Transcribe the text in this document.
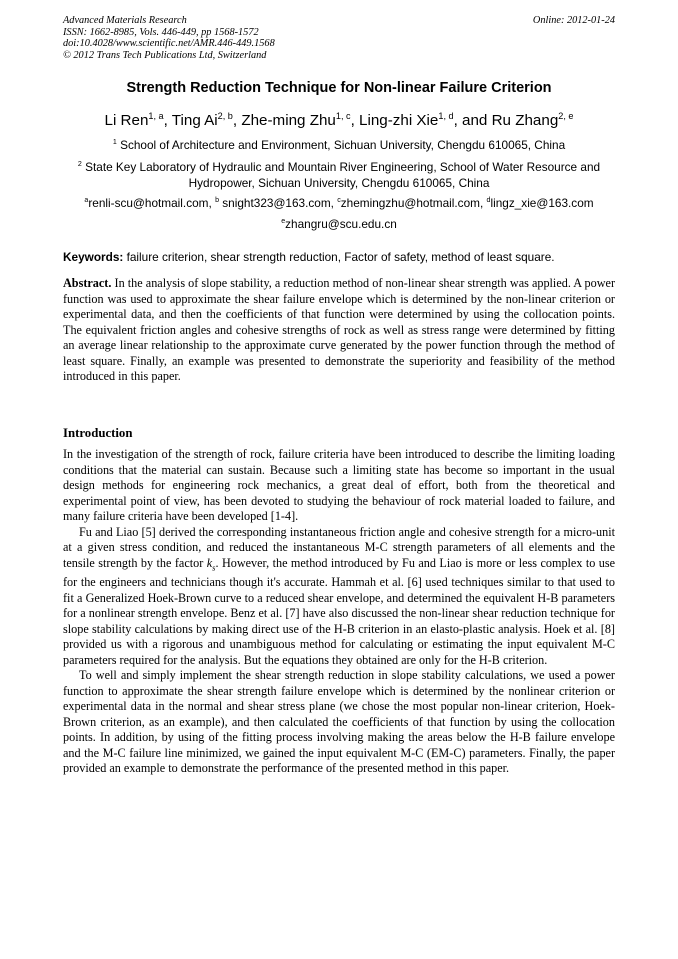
Advanced Materials Research	Online: 2012-01-24
ISSN: 1662-8985, Vols. 446-449, pp 1568-1572
doi:10.4028/www.scientific.net/AMR.446-449.1568
© 2012 Trans Tech Publications Ltd, Switzerland
Strength Reduction Technique for Non-linear Failure Criterion
Li Ren$^{1, a}$, Ting Ai$^{2, b}$, Zhe-ming Zhu$^{1, c}$, Ling-zhi Xie$^{1, d}$, and Ru Zhang$^{2, e}$
$^1$ School of Architecture and Environment, Sichuan University, Chengdu 610065, China
$^2$ State Key Laboratory of Hydraulic and Mountain River Engineering, School of Water Resource and Hydropower, Sichuan University, Chengdu 610065, China
$^a$renli-scu@hotmail.com, $^b$ snight323@163.com, $^c$zhemingzhu@hotmail.com, $^d$lingz_xie@163.com
$^e$zhangru@scu.edu.cn
Keywords: failure criterion, shear strength reduction, Factor of safety, method of least square.
Abstract. In the analysis of slope stability, a reduction method of non-linear shear strength was applied. A power function was used to approximate the shear failure envelope which is determined by the non-linear criterion or experimental data, and then the coefficients of that function were determined by using the collocation points. The equivalent friction angles and cohesive strengths of rock as well as stress range were determined by fitting an average linear relationship to the approximate curve generated by the power function through the method of least square. Finally, an example was presented to demonstrate the superiority and feasibility of the method introduced in this paper.
Introduction

In the investigation of the strength of rock, failure criteria have been introduced to describe the limiting loading conditions that the material can sustain. Because such a limiting state has become so important in the usual design methods for engineering rock mechanics, a great deal of effort, both from the theoretical and experimental point of view, has been devoted to studying the behaviour of rock material loaded to failure, and many failure criteria have been developed [1-4].

Fu and Liao [5] derived the corresponding instantaneous friction angle and cohesive strength for a micro-unit at a given stress condition, and reduced the instantaneous M-C strength parameters of all elements and the tensile strength by the factor $k_s$. However, the method introduced by Fu and Liao is more or less complex to use for the engineers and technicians though it's accurate. Hammah et al. [6] used techniques similar to that used to fit a Generalized Hoek-Brown curve to a reduced shear envelope, and determined the equivalent H-B parameters for a nonlinear strength envelope. Benz et al. [7] have also discussed the non-linear shear reduction technique for slope stability calculations by making direct use of the H-B criterion in an elasto-plastic analysis. Hoek et al. [8] provided us with a rigorous and unambiguous method for calculating or estimating the input equivalent M-C parameters required for the analysis. But the equations they obtained are only for the H-B criterion.

To well and simply implement the shear strength reduction in slope stability calculations, we used a power function to approximate the shear strength failure envelope which is determined by the nonlinear criterion or experimental data in the normal and shear stress plane (we chose the most popular non-linear criterion, Hoek-Brown criterion, as an example), and then calculated the coefficients of that function by using the collocation points. In addition, by using of the fitting process involving making the areas below the H-B failure envelope and the M-C failure line minimized, we gained the input equivalent M-C (EM-C) parameters. Finally, the paper provided an example to demonstrate the performance of the presented method in this paper.
